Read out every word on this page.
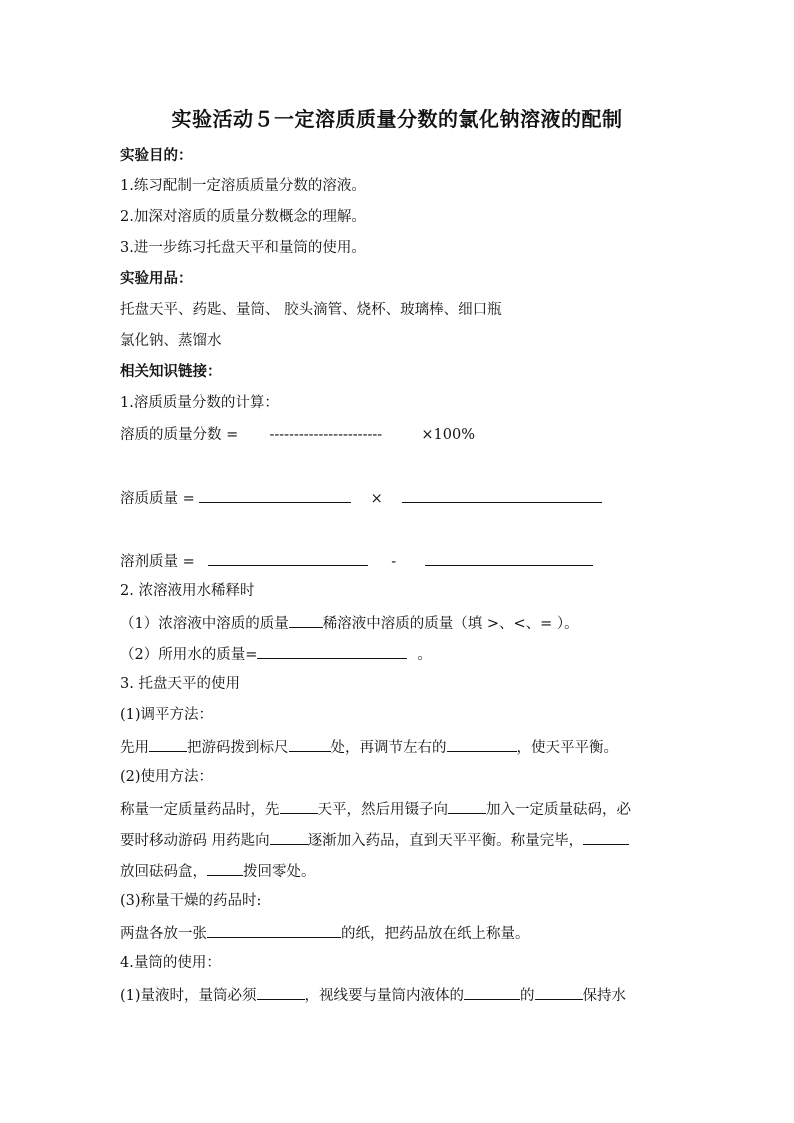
实验活动５一定溶质质量分数的氯化钠溶液的配制
实验目的：
1.练习配制一定溶质质量分数的溶液。
2.加深对溶质的质量分数概念的理解。
3.进一步练习托盘天平和量筒的使用。
实验用品：
托盘天平、药匙、量筒、 胶头滴管、烧杯、玻璃棒、细口瓶
氯化钠、蒸馏水
相关知识链接：
1.溶质质量分数的计算：
溶质的质量分数 = -----------------------	×100%
溶质质量 =	×
溶剂质量 =	-
2. 浓溶液用水稀释时
（1）浓溶液中溶质的质量 稀溶液中溶质的质量（填 >、<、= ）。
（2）所用水的质量=	。
3. 托盘天平的使用
(1)调平方法：
先用	把游码拨到标尺	处，再调节左右的	，使天平平衡。
(2)使用方法：
称量一定质量药品时，先	天平，然后用镊子向	加入一定质量砝码，必
要时移动游码 用药匙向	逐渐加入药品，直到天平平衡。称量完毕，
放回砝码盒， 拨回零处。
(3)称量干燥的药品时:
两盘各放一张	的纸，把药品放在纸上称量。
4.量筒的使用：
(1)量液时，量筒必须	，视线要与量筒内液体的	的	保持水
